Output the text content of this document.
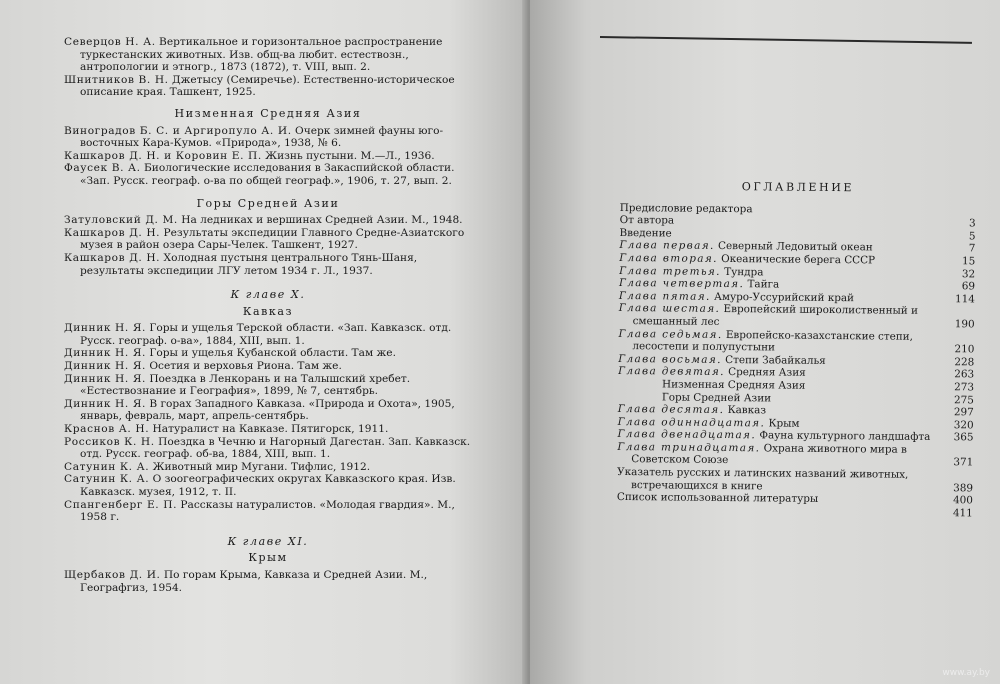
Северцов Н. А. Вертикальное и горизонтальное распространение туркестанских животных. Изв. общ-ва любит. естествозн., антропологии и этногр., 1873 (1872), т. VIII, вып. 2.

Шнитников В. Н. Джетысу (Семиречье). Естественно-историческое описание края. Ташкент, 1925.

Низменная Средняя Азия

Виноградов Б. С. и Аргиропуло А. И. Очерк зимней фауны юго-восточных Кара-Кумов. «Природа», 1938, № 6.

Кашкаров Д. Н. и Коровин Е. П. Жизнь пустыни. М.—Л., 1936.

Фаусек В. А. Биологические исследования в Закаспийской области. «Зап. Русск. географ. о-ва по общей географ.», 1906, т. 27, вып. 2.

Горы Средней Азии

Затуловский Д. М. На ледниках и вершинах Средней Азии. М., 1948.

Кашкаров Д. Н. Результаты экспедиции Главного Средне-Азиатского музея в район озера Сары-Челек. Ташкент, 1927.

Кашкаров Д. Н. Холодная пустыня центрального Тянь-Шаня, результаты экспедиции ЛГУ летом 1934 г. Л., 1937.

К главе X.
Кавказ

Динник Н. Я. Горы и ущелья Терской области. «Зап. Кавказск. отд. Русск. географ. о-ва», 1884, XIII, вып. 1.

Динник Н. Я. Горы и ущелья Кубанской области. Там же.

Динник Н. Я. Осетия и верховья Риона. Там же.

Динник Н. Я. Поездка в Ленкорань и на Талышский хребет. «Естествознание и География», 1899, № 7, сентябрь.

Динник Н. Я. В горах Западного Кавказа. «Природа и Охота», 1905, январь, февраль, март, апрель-сентябрь.

Краснов А. Н. Натуралист на Кавказе. Пятигорск, 1911.

Россиков К. Н. Поездка в Чечню и Нагорный Дагестан. Зап. Кавказск. отд. Русск. географ. об-ва, 1884, XIII, вып. 1.

Сатунин К. А. Животный мир Мугани. Тифлис, 1912.

Сатунин К. А. О зоогеографических округах Кавказского края. Изв. Кавказск. музея, 1912, т. II.

Спангенберг Е. П. Рассказы натуралистов. «Молодая гвардия». М., 1958 г.

К главе XI.
Крым

Щербаков Д. И. По горам Крыма, Кавказа и Средней Азии. М., Географгиз, 1954.

ОГЛАВЛЕНИЕ
Предисловие редактора
От автора	3
Введение	5
Глава первая. Северный Ледовитый океан	7
Глава вторая. Океанические берега СССР	15
Глава третья. Тундра	32
Глава четвертая. Тайга	69
Глава пятая. Амуро-Уссурийский край	114
Глава шестая. Европейский широколиственный и смешанный лес	190
Глава седьмая. Европейско-казахстанские степи, лесостепи и полупустыни	210
Глава восьмая. Степи Забайкалья	228
Глава девятая. Средняя Азия	263
Низменная Средняя Азия	273
Горы Средней Азии	275
Глава десятая. Кавказ	297
Глава одиннадцатая. Крым	320
Глава двенадцатая. Фауна культурного ландшафта	365
Глава тринадцатая. Охрана животного мира в Советском Союзе	371
Указатель русских и латинских названий животных, встречающихся в книге	389
Список использованной литературы	400
411
www.ay.by
